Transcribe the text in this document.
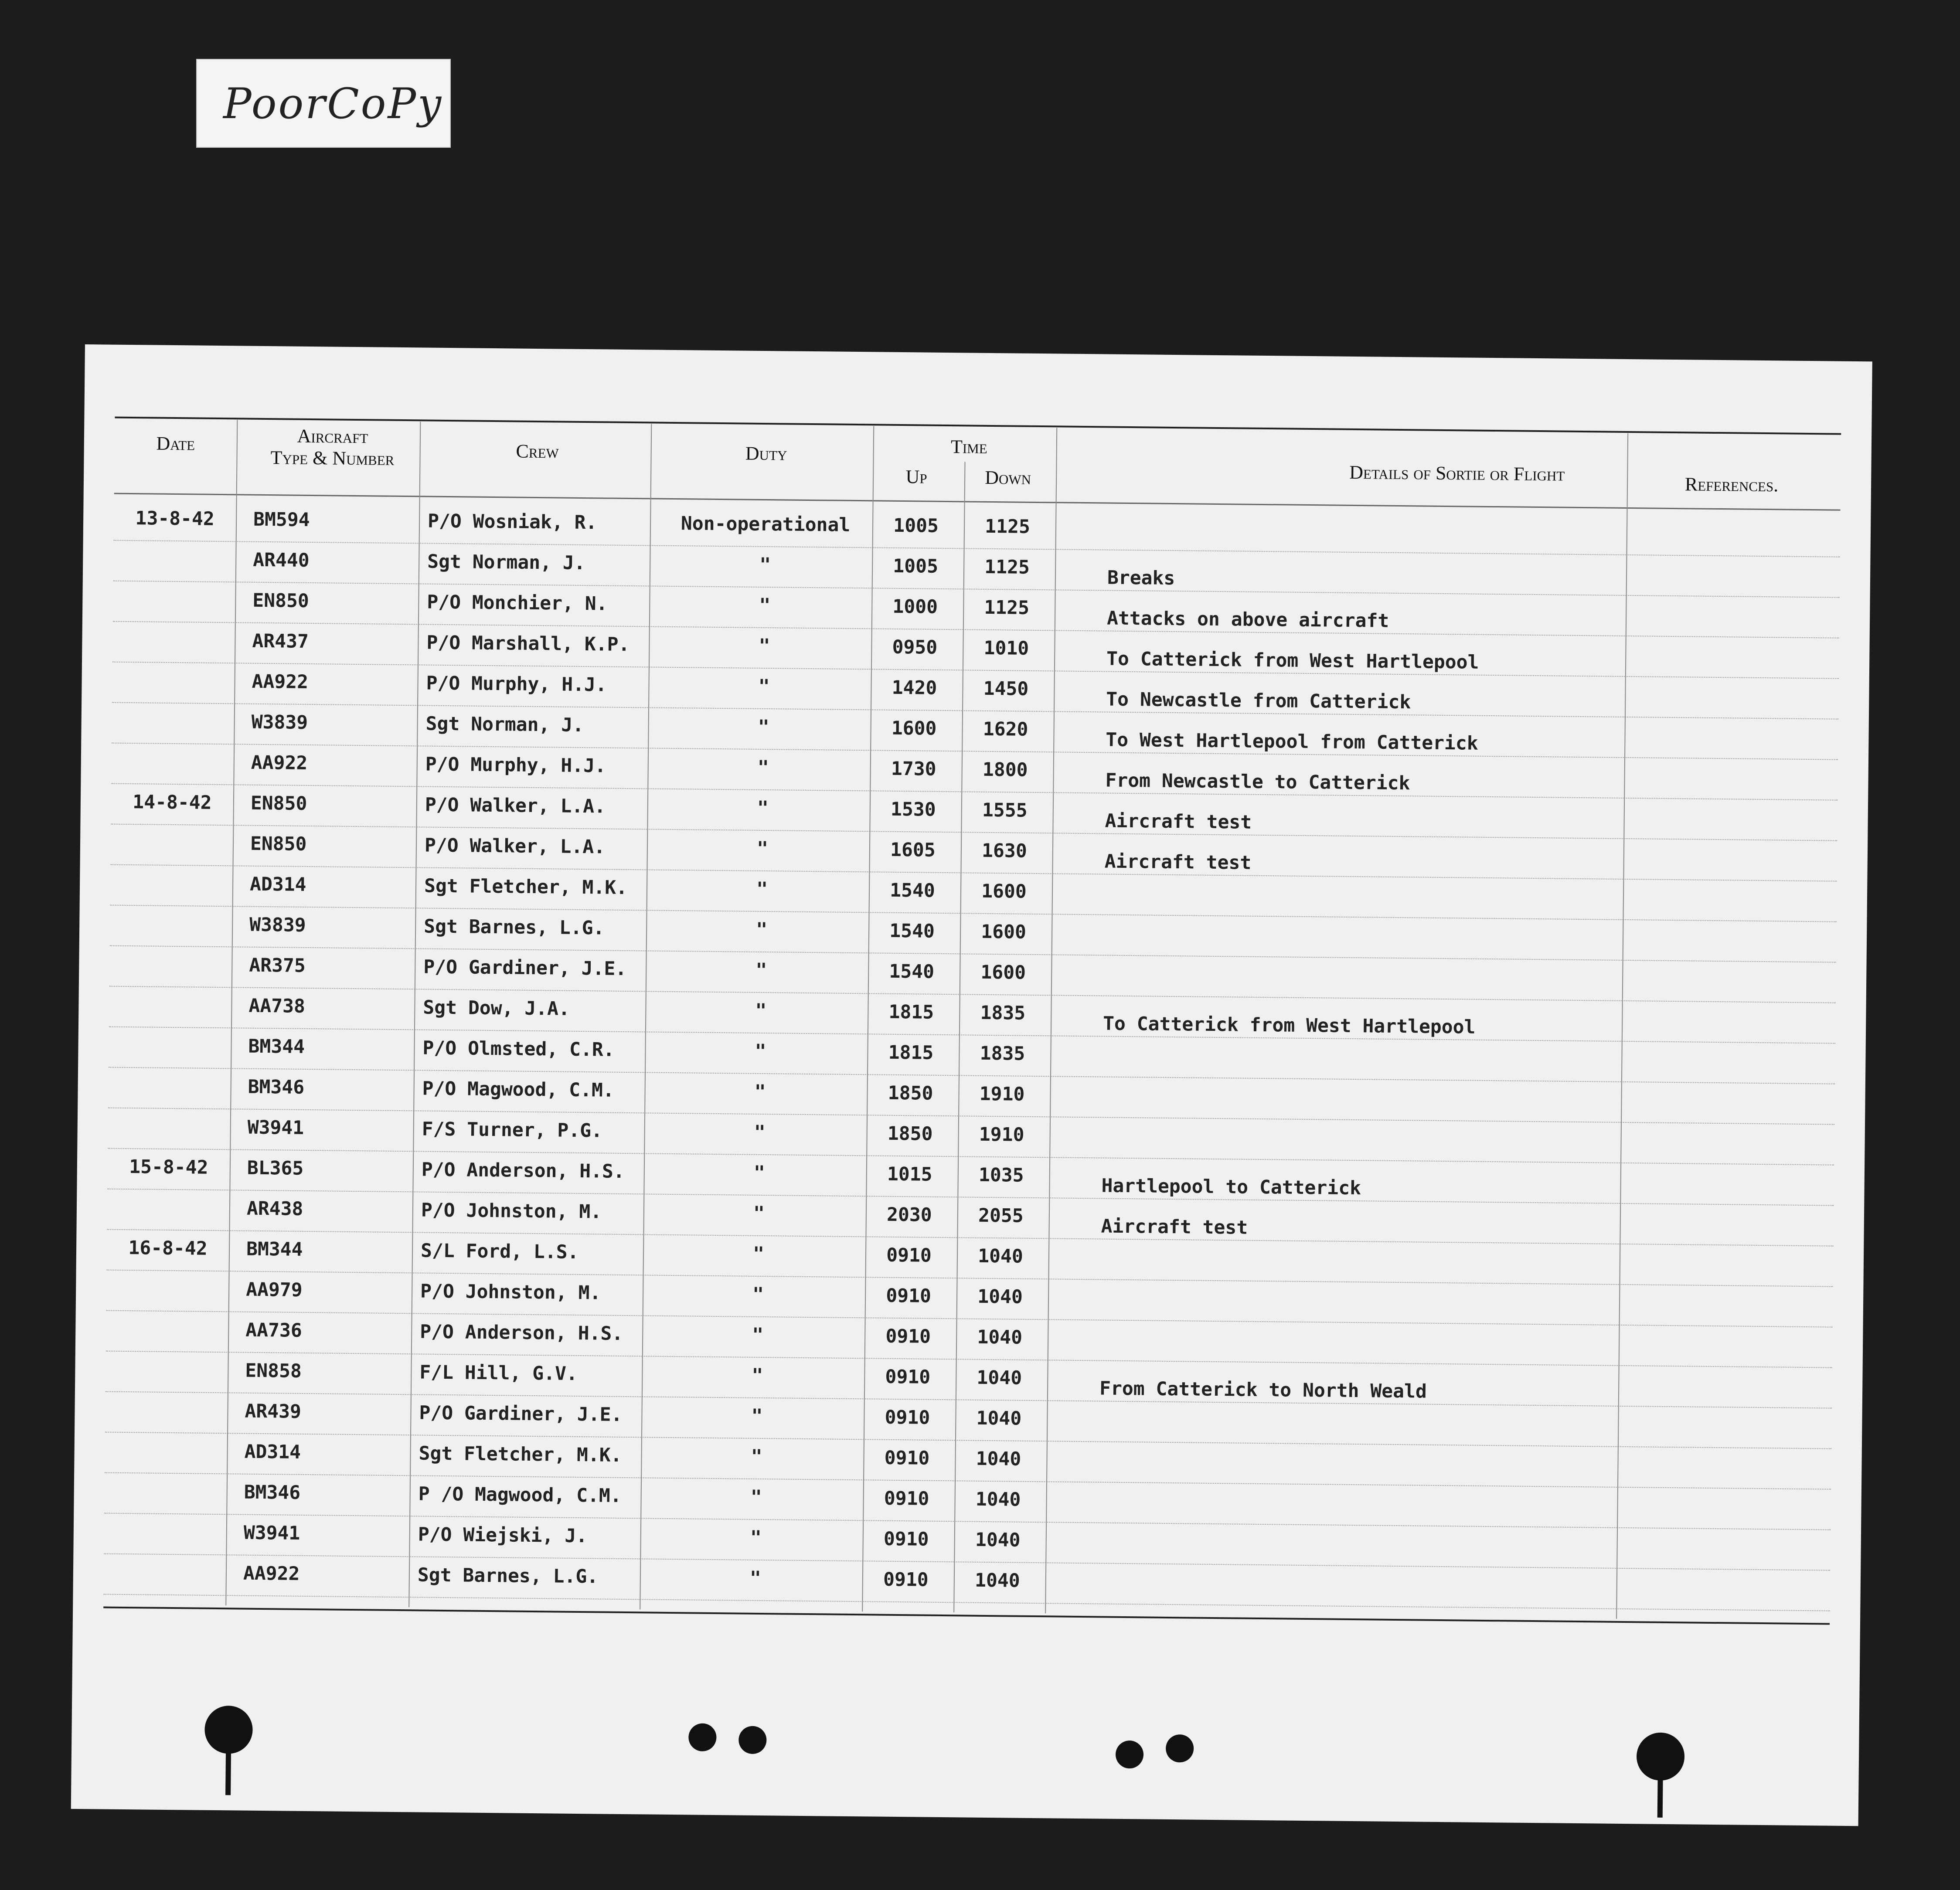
PoorCoPy
Date	Aircraft
Type & Number	Crew	Duty	Time
Up	Down	Details of Sortie or Flight	References.
13-8-42	BM594	P/O Wosniak, R.	Non-operational	1005	1125
AR440	Sgt Norman, J.	"	1005	1125	Breaks
EN850	P/O Monchier, N.	"	1000	1125	Attacks on above aircraft
AR437	P/O Marshall, K.P.	"	0950	1010	To Catterick from West Hartlepool
AA922	P/O Murphy, H.J.	"	1420	1450	To Newcastle from Catterick
W3839	Sgt Norman, J.	"	1600	1620	To West Hartlepool from Catterick
AA922	P/O Murphy, H.J.	"	1730	1800	From Newcastle to Catterick
14-8-42	EN850	P/O Walker, L.A.	"	1530	1555	Aircraft test
EN850	P/O Walker, L.A.	"	1605	1630	Aircraft test
AD314	Sgt Fletcher, M.K.	"	1540	1600
W3839	Sgt Barnes, L.G.	"	1540	1600
AR375	P/O Gardiner, J.E.	"	1540	1600
AA738	Sgt Dow, J.A.	"	1815	1835	To Catterick from West Hartlepool
BM344	P/O Olmsted, C.R.	"	1815	1835
BM346	P/O Magwood, C.M.	"	1850	1910
W3941	F/S Turner, P.G.	"	1850	1910
15-8-42	BL365	P/O Anderson, H.S.	"	1015	1035	Hartlepool to Catterick
AR438	P/O Johnston, M.	"	2030	2055	Aircraft test
16-8-42	BM344	S/L Ford, L.S.	"	0910	1040
AA979	P/O Johnston, M.	"	0910	1040
AA736	P/O Anderson, H.S.	"	0910	1040
EN858	F/L Hill, G.V.	"	0910	1040	From Catterick to North Weald
AR439	P/O Gardiner, J.E.	"	0910	1040
AD314	Sgt Fletcher, M.K.	"	0910	1040
BM346	P /O Magwood, C.M.	"	0910	1040
W3941	P/O Wiejski, J.	"	0910	1040
AA922	Sgt Barnes, L.G.	"	0910	1040
